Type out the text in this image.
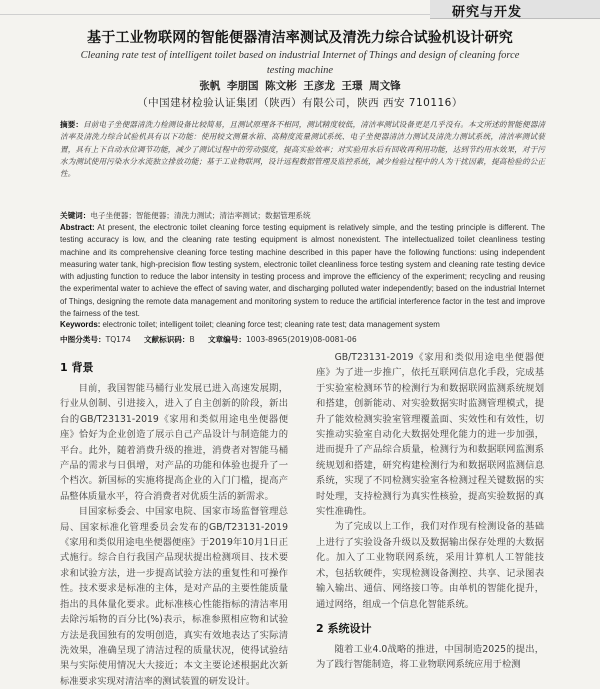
研究与开发
基于工业物联网的智能便器清洁率测试及清洗力综合试验机设计研究
Cleaning rate test of intelligent toilet based on industrial Internet of Things and design of cleaning force testing machine
张帆 李朋国 陈文彬 王彦龙 王璟 周文锋
（中国建材检验认证集团（陕西）有限公司，陕西 西安 710116）
摘要：目前电子坐便器清洗力检测设备比较简易，且测试原理各不相同，测试精度较低，清洁率测试设备更是几乎没有。本文所述的智能便器清洁率及清洗力综合试验机具有以下功能：使用较文测量水箱、高精度流量测试系统、电子坐便器清洁力测试及清洗力测试系统，清洁率测试装置，具有上下自动水位调节功能，减少了测试过程中的劳动强度，提高实验效率；对实验用水后有回收再利用功能，达到节约用水效果，对于污水为测试使用污染水分水流独立排放功能；基于工业物联网，设计远程数据管理及监控系统，减少检验过程中的人为干扰因素，提高检验的公正性。
关键词：电子坐便器；智能便器；清洗力测试；清洁率测试；数据管理系统
Abstract: At present, the electronic toilet cleaning force testing equipment is relatively simple, and the testing principle is different. The testing accuracy is low, and the cleaning rate testing equipment is almost nonexistent. The intellectualized toilet cleanliness testing machine and its comprehensive cleaning force testing machine described in this paper have the following functions: using independent measuring water tank, high-precision flow testing system, electronic toilet cleanliness force testing system and cleaning rate testing device with adjusting function to reduce the labor intensity in testing process and improve the efficiency of the experiment; recycling and reusing the experimental water to achieve the effect of saving water, and discharging polluted water independently; based on the industrial Internet of Things, designing the remote data management and monitoring system to reduce the artificial interference factor in the test and improve the fairness of the test.
Keywords: electronic toilet; intelligent toilet; cleaning force test; cleaning rate test; data management system
中图分类号：TQ174 文献标识码：B 文章编号：1003-8965(2019)08-0081-06
1 背景

目前，我国智能马桶行业发展已进入高速发展期，行业从创制、引进接入，进入了自主创新的阶段，新出台的GB/T23131-2019《家用和类似用途电坐便器便座》恰好为企业创造了展示自己产品设计与制造能力的平台。此外，随着消费升级的推进，消费者对智能马桶产品的需求与日俱增，对产品的功能和体验也提升了一个档次。新国标的实施将提高企业的入门门槛，提高产品整体质量水平，符合消费者对优质生活的新需求。

目国家标委会、中国家电院、国家市场监督管理总局、国家标准化管理委员会发布的GB/T23131-2019《家用和类似用途电坐便器便座》于2019年10月1日正式施行。综合自行我国产品现状提出检测项目、技术要求和试验方法，进一步提高试验方法的重复性和可操作性。技术要求是标准的主体，是对产品的主要性能质量指出的具体量化要求。此标准核心性能指标的清洁率用去除污垢物的百分比(%)表示，标准参照相应物和试验方法是我国独有的发明创造，真实有效地表达了实际清洗效果，准确呈现了清洁过程的质量状况，使得试验结果与实际使用情况大大接近；本文主要论述根据此次新标准要求实现对清洁率的测试装置的研发设计。

GB/T23131-2019《家用和类似用途电坐便器便座》为了进一步推广，依托互联网信息化手段，完成基于实验室检测环节的检测行为和数据联网监测系统规划和搭建，创新能动、对实验数据实时监测管理模式，提升了能效检测实验室管理覆盖面、实效性和有效性，切实推动实验室自动化大数据处理化能力的进一步加强，进而提升了产品综合质量，检测行为和数据联网监测系统规划和搭建，研究构建检测行为和数据联网监测信息系统，实现了不同检测实验室各检测过程关键数据的实时处理，支持检测行为真实性核验，提高实验数据的真实性准确性。

为了完成以上工作，我们对作现有检测设备的基础上进行了实验设备升级以及数据输出保存处理的大数据化。加入了工业物联网系统，采用计算机人工智能技术，包括软硬件，实现检测设备测控、共享、记录图表输入输出、通信、网络接口等。由单机的智能化提升，通过网络，组成一个信息化智能系统。

2 系统设计

随着工业4.0战略的推进，中国制造2025的提出，为了践行智能制造，将工业物联网系统应用于检测
